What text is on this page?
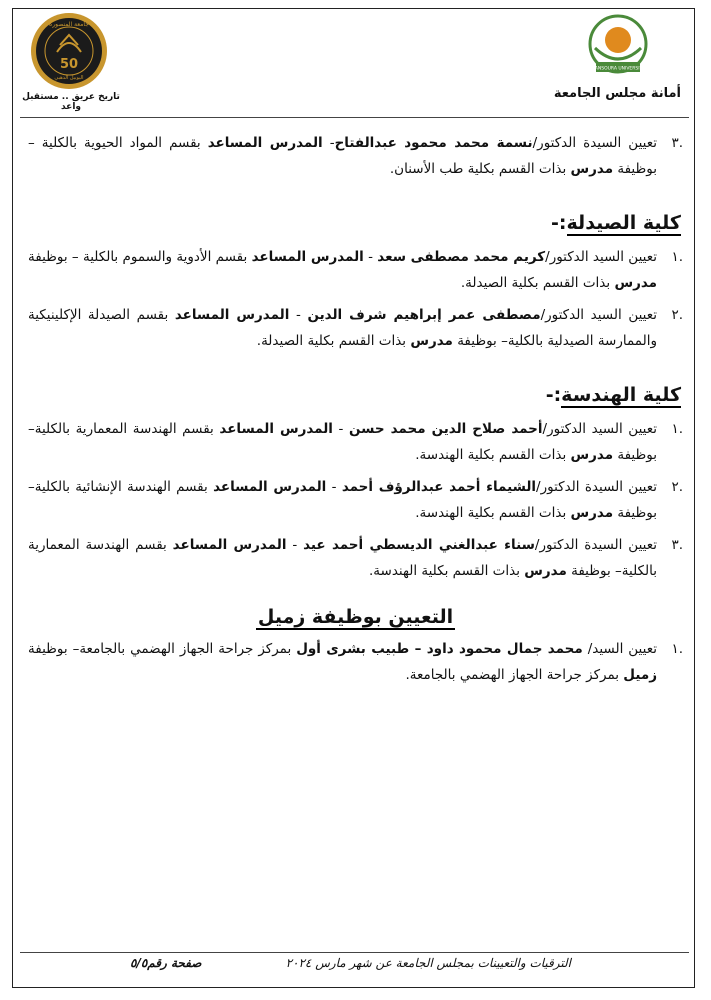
جامعة المنصورة
50
اليوبيل الذهبي
تاريخ عريق .. مستقبل واعد
MANSOURA UNIVERSITY
أمانة مجلس الجامعة
.٣
تعيين السيدة الدكتور/نسمة محمد محمود عبدالفتاح- المدرس المساعد بقسم المواد الحيوية بالكلية – بوظيفة مدرس بذات القسم بكلية طب الأسنان.
كلية الصيدلة:-
.١
تعيين السيد الدكتور/كريم محمد مصطفى سعد - المدرس المساعد بقسم الأدوية والسموم بالكلية – بوظيفة مدرس بذات القسم بكلية الصيدلة.
.٢
تعيين السيد الدكتور/مصطفى عمر إبراهيم شرف الدين - المدرس المساعد بقسم الصيدلة الإكلينيكية والممارسة الصيدلية بالكلية– بوظيفة مدرس بذات القسم بكلية الصيدلة.
كلية الهندسة:-
.١
تعيين السيد الدكتور/أحمد صلاح الدين محمد حسن - المدرس المساعد بقسم الهندسة المعمارية بالكلية– بوظيفة مدرس بذات القسم بكلية الهندسة.
.٢
تعيين السيدة الدكتور/الشيماء أحمد عبدالرؤف أحمد - المدرس المساعد بقسم الهندسة الإنشائية بالكلية– بوظيفة مدرس بذات القسم بكلية الهندسة.
.٣
تعيين السيدة الدكتور/سناء عبدالغني الديسطي أحمد عيد - المدرس المساعد بقسم الهندسة المعمارية بالكلية– بوظيفة مدرس بذات القسم بكلية الهندسة.
التعيين بوظيفة زميل
.١
تعيين السيد/ محمد جمال محمود داود – طبيب بشرى أول بمركز جراحة الجهاز الهضمي بالجامعة– بوظيفة زميل بمركز جراحة الجهاز الهضمي بالجامعة.
الترقيات والتعيينات بمجلس الجامعة عن شهر مارس ٢٠٢٤
صفحة رقم٥/٥
